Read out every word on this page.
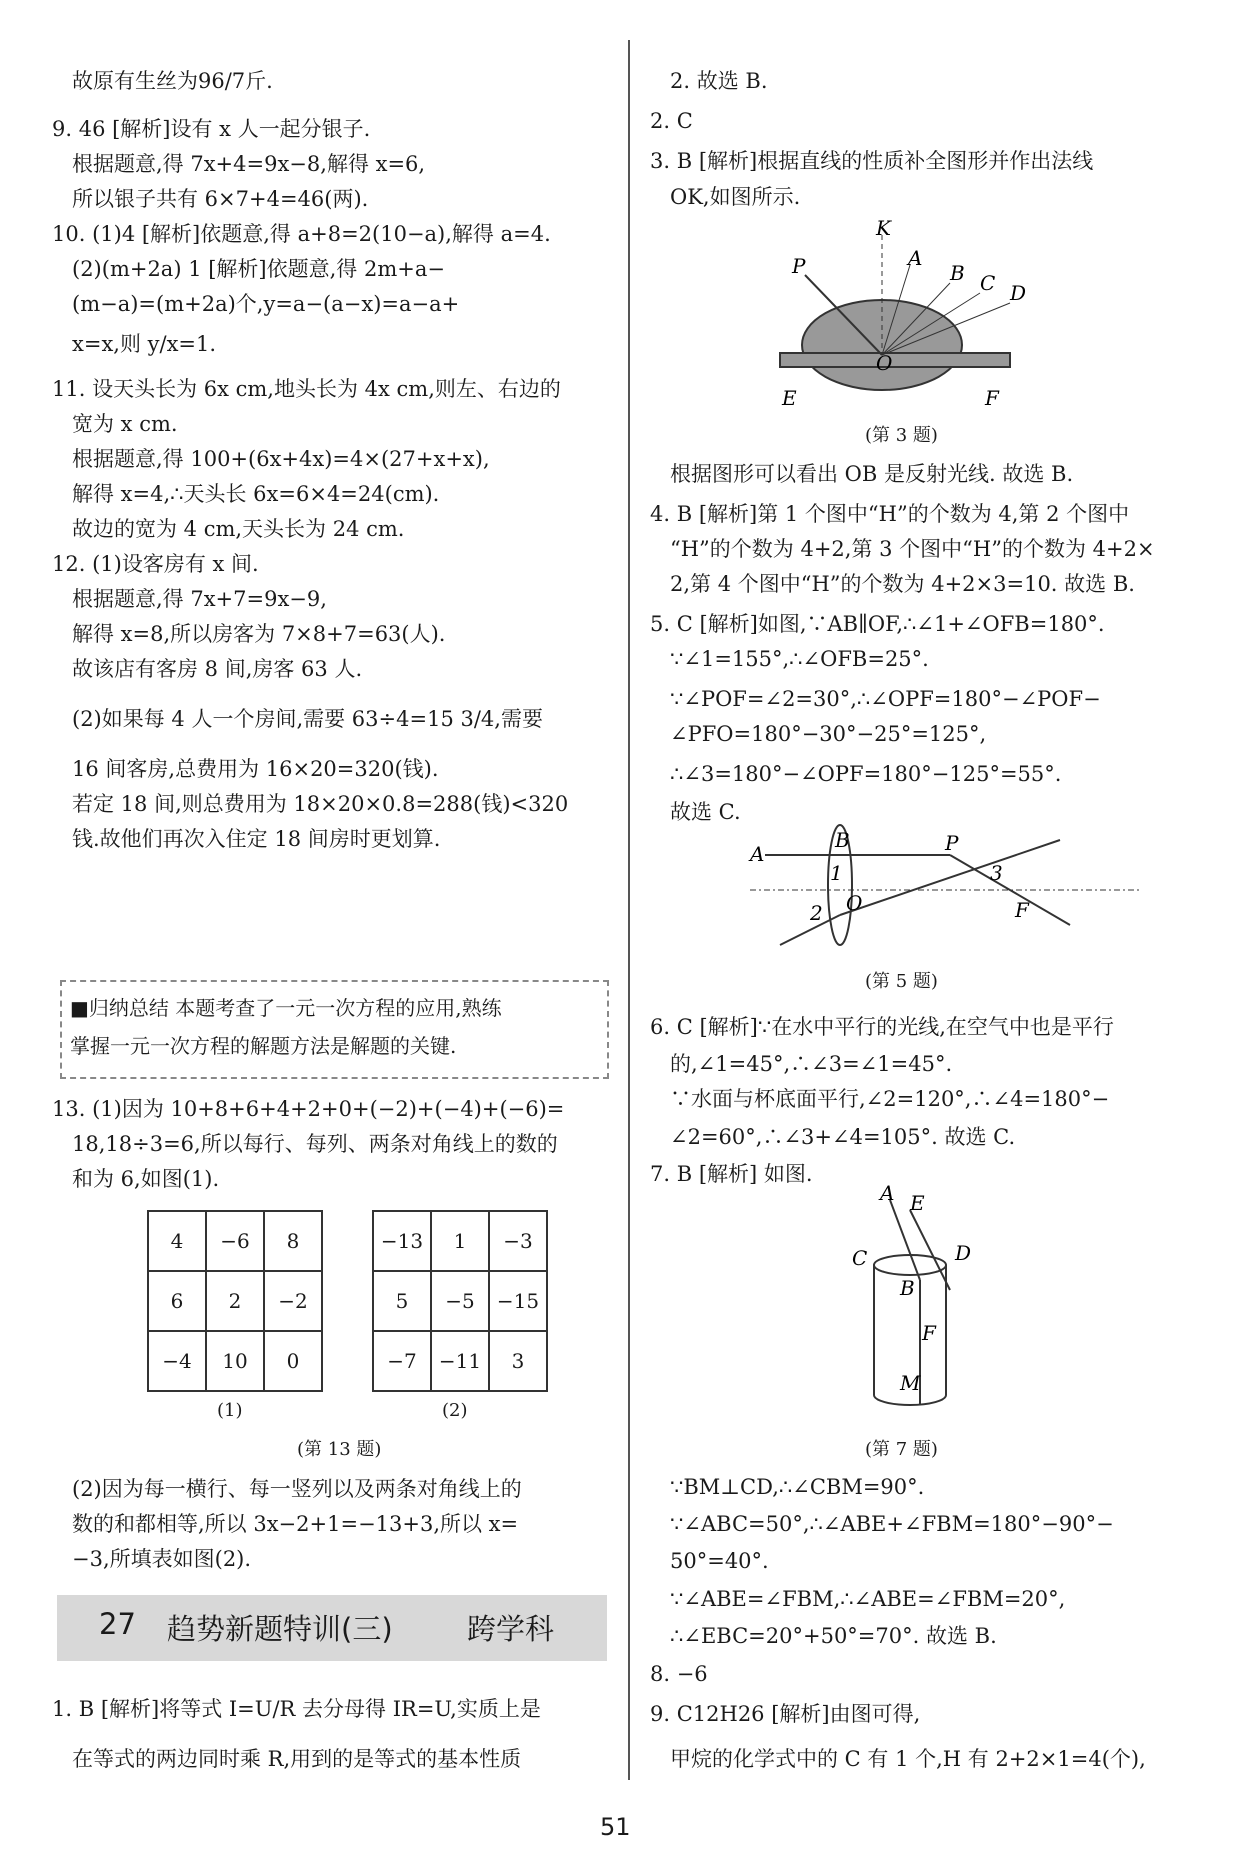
故原有生丝为96/7斤.
9. 46 [解析]设有 x 人一起分银子.
根据题意,得 7x+4=9x−8,解得 x=6,
所以银子共有 6×7+4=46(两).
10. (1)4 [解析]依题意,得 a+8=2(10−a),解得 a=4.
(2)(m+2a) 1 [解析]依题意,得 2m+a−
(m−a)=(m+2a)个,y=a−(a−x)=a−a+
x=x,则 y/x=1.
11. 设天头长为 6x cm,地头长为 4x cm,则左、右边的
宽为 x cm.
根据题意,得 100+(6x+4x)=4×(27+x+x),
解得 x=4,∴天头长 6x=6×4=24(cm).
故边的宽为 4 cm,天头长为 24 cm.
12. (1)设客房有 x 间.
根据题意,得 7x+7=9x−9,
解得 x=8,所以房客为 7×8+7=63(人).
故该店有客房 8 间,房客 63 人.
(2)如果每 4 人一个房间,需要 63÷4=15 3/4,需要
16 间客房,总费用为 16×20=320(钱).
若定 18 间,则总费用为 18×20×0.8=288(钱)<320
钱.故他们再次入住定 18 间房时更划算.
■归纳总结 本题考查了一元一次方程的应用,熟练
掌握一元一次方程的解题方法是解题的关键.
13. (1)因为 10+8+6+4+2+0+(−2)+(−4)+(−6)=
18,18÷3=6,所以每行、每列、两条对角线上的数的
和为 6,如图(1).
4	−6	8
6	2	−2
−4	10	0
−13	1	−3
5	−5	−15
−7	−11	3
(1)	(2)
(第 13 题)
(2)因为每一横行、每一竖列以及两条对角线上的
数的和都相等,所以 3x−2+1=−13+3,所以 x=
−3,所填表如图(2).
27 趋势新题特训(三)	跨学科
1. B [解析]将等式 I=U/R 去分母得 IR=U,实质上是
在等式的两边同时乘 R,用到的是等式的基本性质
2. 故选 B.
2. C
3. B [解析]根据直线的性质补全图形并作出法线
OK,如图所示.
K
P	A
B C D
O
E	F
(第 3 题)
根据图形可以看出 OB 是反射光线. 故选 B.
4. B [解析]第 1 个图中“H”的个数为 4,第 2 个图中
“H”的个数为 4+2,第 3 个图中“H”的个数为 4+2×
2,第 4 个图中“H”的个数为 4+2×3=10. 故选 B.
5. C [解析]如图,∵AB∥OF,∴∠1+∠OFB=180°.
∵∠1=155°,∴∠OFB=25°.
∵∠POF=∠2=30°,∴∠OPF=180°−∠POF−
∠PFO=180°−30°−25°=125°,
∴∠3=180°−∠OPF=180°−125°=55°.
故选 C.
A
B
1
2 O
P
3
F
(第 5 题)
6. C [解析]∵在水中平行的光线,在空气中也是平行
的,∠1=45°,∴∠3=∠1=45°.
∵水面与杯底面平行,∠2=120°,∴∠4=180°−
∠2=60°,∴∠3+∠4=105°. 故选 C.
7. B [解析] 如图.
A E
C	D
B
F
M
(第 7 题)
∵BM⊥CD,∴∠CBM=90°.
∵∠ABC=50°,∴∠ABE+∠FBM=180°−90°−
50°=40°.
∵∠ABE=∠FBM,∴∠ABE=∠FBM=20°,
∴∠EBC=20°+50°=70°. 故选 B.
8. −6
9. C12H26 [解析]由图可得,
甲烷的化学式中的 C 有 1 个,H 有 2+2×1=4(个),
51
